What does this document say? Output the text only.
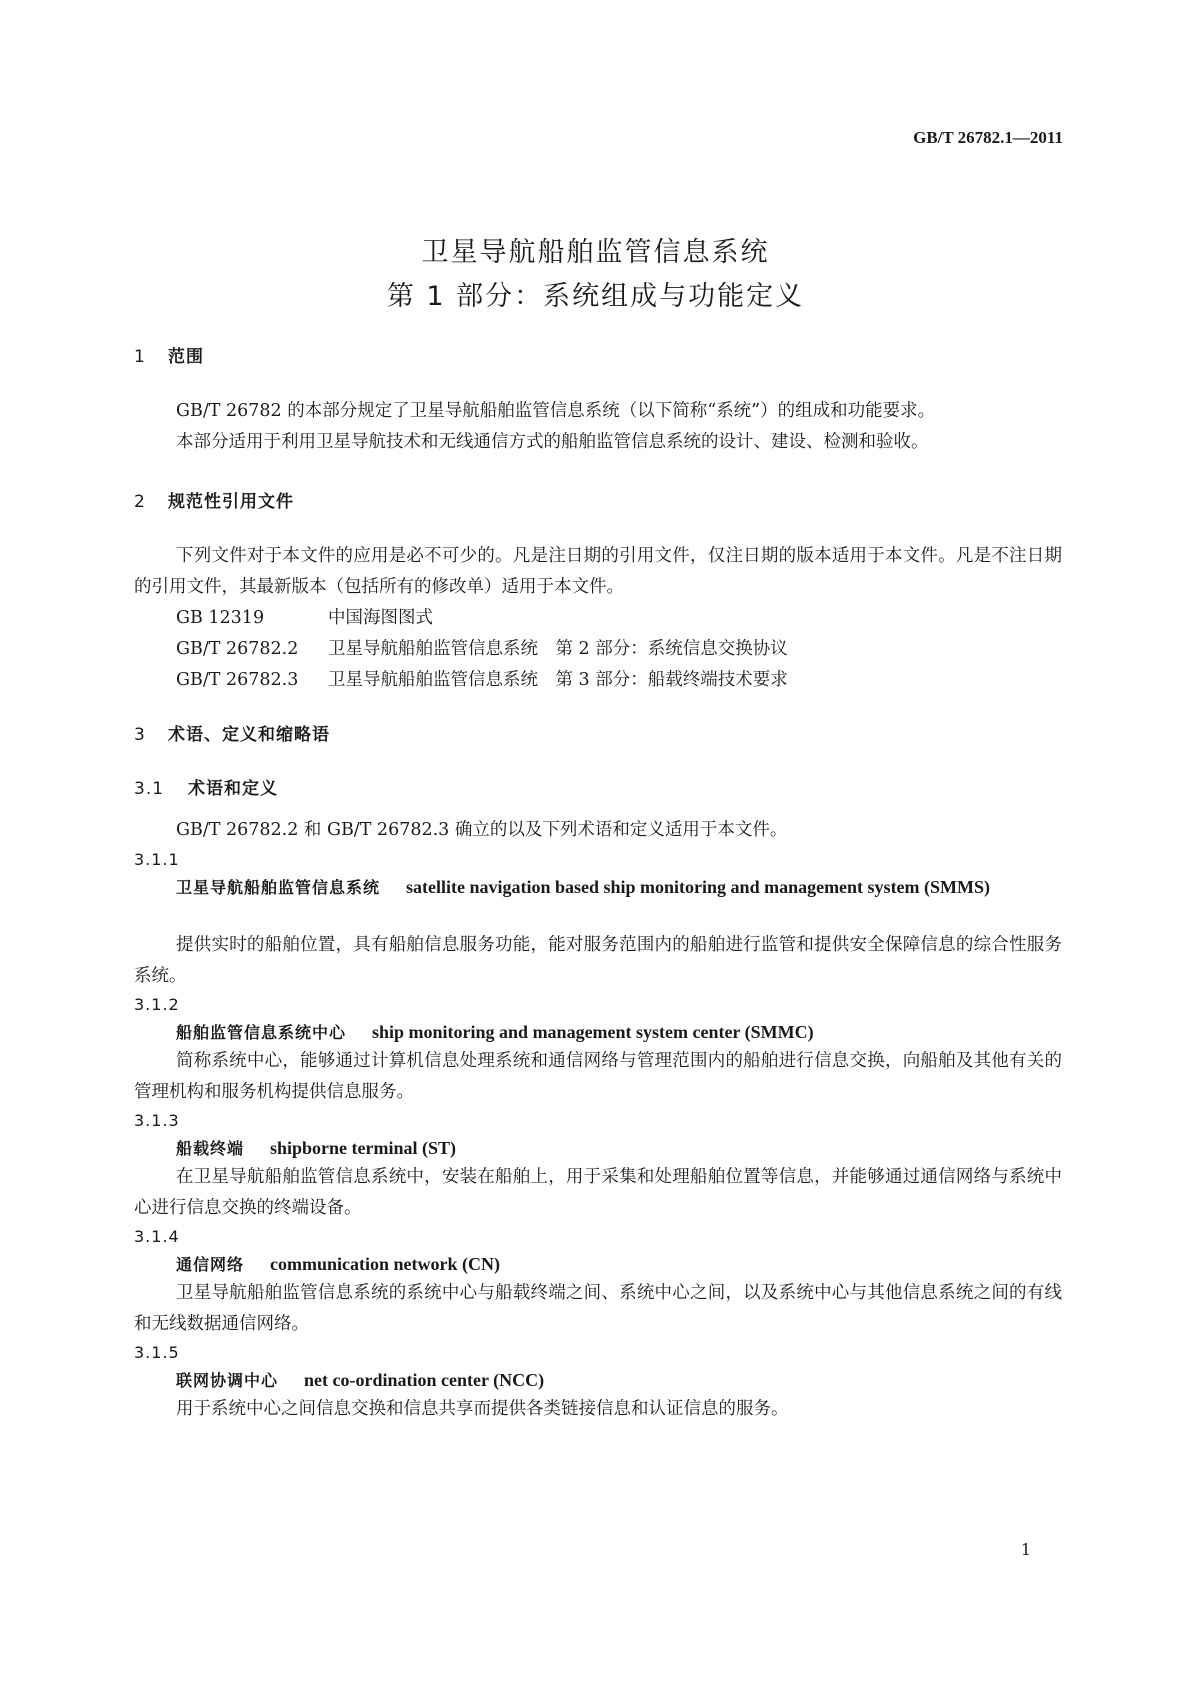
GB/T 26782.1—2011
卫星导航船舶监管信息系统
第 1 部分：系统组成与功能定义
1 范围
GB/T 26782 的本部分规定了卫星导航船舶监管信息系统（以下简称“系统”）的组成和功能要求。
本部分适用于利用卫星导航技术和无线通信方式的船舶监管信息系统的设计、建设、检测和验收。
2 规范性引用文件
下列文件对于本文件的应用是必不可少的。凡是注日期的引用文件，仅注日期的版本适用于本文件。凡是不注日期的引用文件，其最新版本（包括所有的修改单）适用于本文件。
GB 12319	中国海图图式
GB/T 26782.2 卫星导航船舶监管信息系统　第 2 部分：系统信息交换协议
GB/T 26782.3 卫星导航船舶监管信息系统　第 3 部分：船载终端技术要求
3 术语、定义和缩略语
3.1 术语和定义
GB/T 26782.2 和 GB/T 26782.3 确立的以及下列术语和定义适用于本文件。
3.1.1
卫星导航船舶监管信息系统 satellite navigation based ship monitoring and management system (SMMS)
提供实时的船舶位置，具有船舶信息服务功能，能对服务范围内的船舶进行监管和提供安全保障信息的综合性服务系统。
3.1.2
船舶监管信息系统中心 ship monitoring and management system center (SMMC)
简称系统中心，能够通过计算机信息处理系统和通信网络与管理范围内的船舶进行信息交换，向船舶及其他有关的管理机构和服务机构提供信息服务。
3.1.3
船载终端 shipborne terminal (ST)
在卫星导航船舶监管信息系统中，安装在船舶上，用于采集和处理船舶位置等信息，并能够通过通信网络与系统中心进行信息交换的终端设备。
3.1.4
通信网络 communication network (CN)
卫星导航船舶监管信息系统的系统中心与船载终端之间、系统中心之间，以及系统中心与其他信息系统之间的有线和无线数据通信网络。
3.1.5
联网协调中心 net co-ordination center (NCC)
用于系统中心之间信息交换和信息共享而提供各类链接信息和认证信息的服务。
1
